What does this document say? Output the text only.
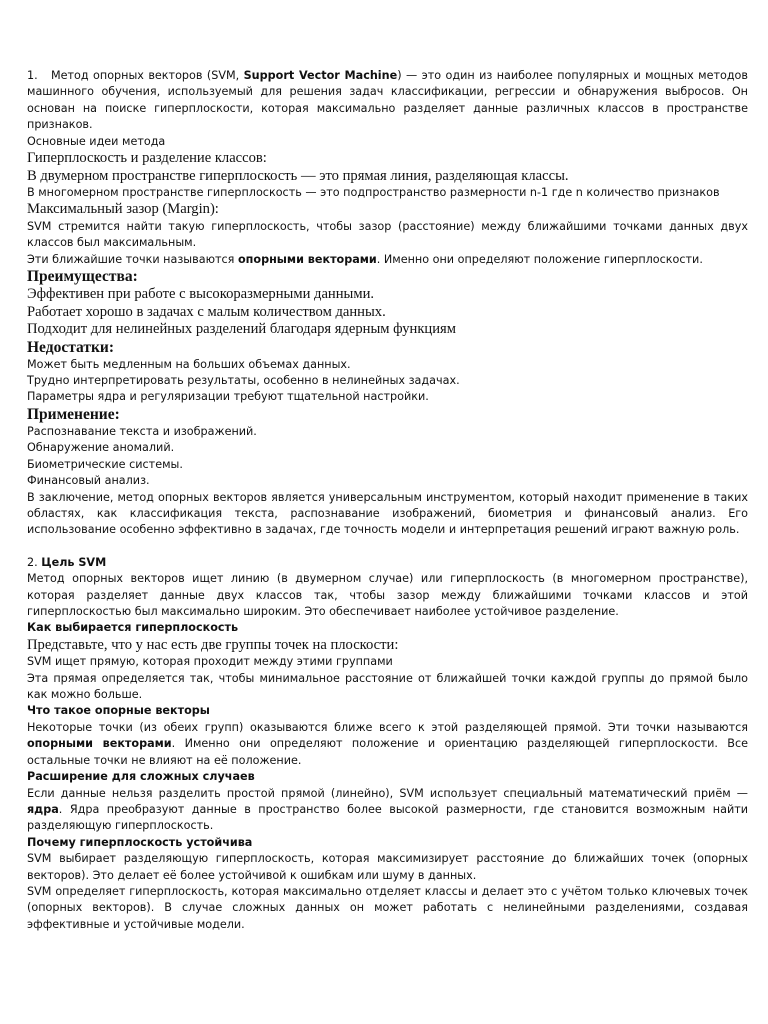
1. Метод опорных векторов (SVM, Support Vector Machine) — это один из наиболее популярных и мощных методов машинного обучения, используемый для решения задач классификации, регрессии и обнаружения выбросов. Он основан на поиске гиперплоскости, которая максимально разделяет данные различных классов в пространстве признаков.

Основные идеи метода

Гиперплоскость и разделение классов:

В двумерном пространстве гиперплоскость — это прямая линия, разделяющая классы.

В многомерном пространстве гиперплоскость — это подпространство размерности n-1 где n количество признаков

Максимальный зазор (Margin):

SVM стремится найти такую гиперплоскость, чтобы зазор (расстояние) между ближайшими точками данных двух классов был максимальным.

Эти ближайшие точки называются опорными векторами. Именно они определяют положение гиперплоскости.

Преимущества:

Эффективен при работе с высокоразмерными данными.

Работает хорошо в задачах с малым количеством данных.

Подходит для нелинейных разделений благодаря ядерным функциям

Недостатки:

Может быть медленным на больших объемах данных.

Трудно интерпретировать результаты, особенно в нелинейных задачах.

Параметры ядра и регуляризации требуют тщательной настройки.

Применение:

Распознавание текста и изображений.

Обнаружение аномалий.

Биометрические системы.

Финансовый анализ.

В заключение, метод опорных векторов является универсальным инструментом, который находит применение в таких областях, как классификация текста, распознавание изображений, биометрия и финансовый анализ. Его использование особенно эффективно в задачах, где точность модели и интерпретация решений играют важную роль.

2. Цель SVM

Метод опорных векторов ищет линию (в двумерном случае) или гиперплоскость (в многомерном пространстве), которая разделяет данные двух классов так, чтобы зазор между ближайшими точками классов и этой гиперплоскостью был максимально широким. Это обеспечивает наиболее устойчивое разделение.

Как выбирается гиперплоскость

Представьте, что у нас есть две группы точек на плоскости:

SVM ищет прямую, которая проходит между этими группами

Эта прямая определяется так, чтобы минимальное расстояние от ближайшей точки каждой группы до прямой было как можно больше.

Что такое опорные векторы

Некоторые точки (из обеих групп) оказываются ближе всего к этой разделяющей прямой. Эти точки называются опорными векторами. Именно они определяют положение и ориентацию разделяющей гиперплоскости. Все остальные точки не влияют на её положение.

Расширение для сложных случаев

Если данные нельзя разделить простой прямой (линейно), SVM использует специальный математический приём — ядра. Ядра преобразуют данные в пространство более высокой размерности, где становится возможным найти разделяющую гиперплоскость.

Почему гиперплоскость устойчива

SVM выбирает разделяющую гиперплоскость, которая максимизирует расстояние до ближайших точек (опорных векторов). Это делает её более устойчивой к ошибкам или шуму в данных.

SVM определяет гиперплоскость, которая максимально отделяет классы и делает это с учётом только ключевых точек (опорных векторов). В случае сложных данных он может работать с нелинейными разделениями, создавая эффективные и устойчивые модели.
